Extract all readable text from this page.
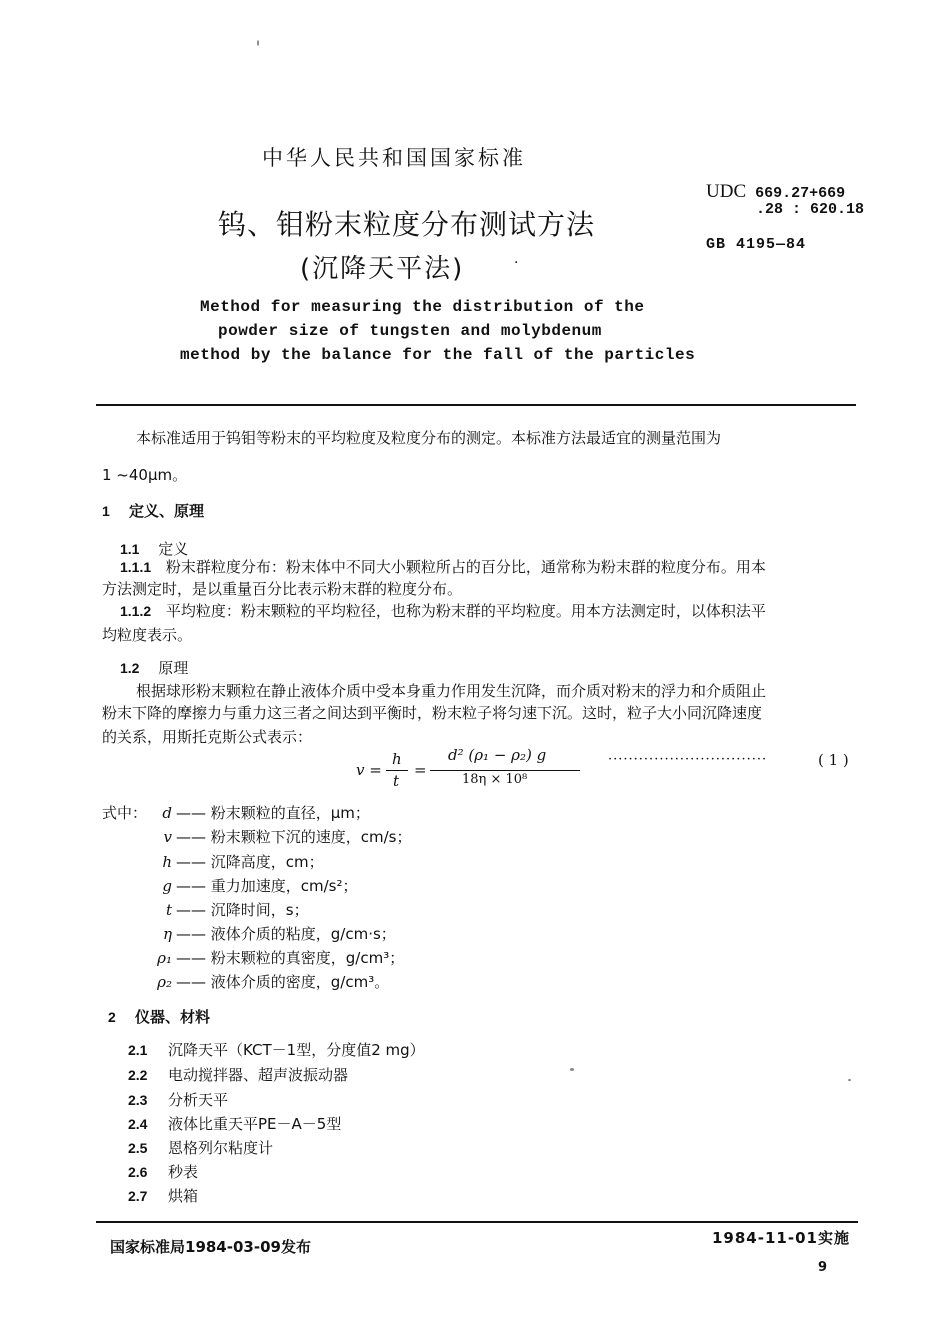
中华人民共和国国家标准
钨、钼粉末粒度分布测试方法
(沉降天平法)	·
UDC 669.27+669
.28 : 620.18
GB 4195—84
Method for measuring the distribution of the
powder size of tungsten and molybdenum
method by the balance for the fall of the particles
本标准适用于钨钼等粉末的平均粒度及粒度分布的测定。本标准方法最适宜的测量范围为
1 ~40μm。
1 定义、原理
1.1 定义
1.1.1 粉末群粒度分布：粉末体中不同大小颗粒所占的百分比，通常称为粉末群的粒度分布。用本
方法测定时，是以重量百分比表示粉末群的粒度分布。
1.1.2 平均粒度：粉末颗粒的平均粒径，也称为粉末群的平均粒度。用本方法测定时，以体积法平
均粒度表示。
1.2 原理
根据球形粉末颗粒在静止液体介质中受本身重力作用发生沉降，而介质对粉末的浮力和介质阻止
粉末下降的摩擦力与重力这三者之间达到平衡时，粉末粒子将匀速下沉。这时，粒子大小同沉降速度
的关系，用斯托克斯公式表示：
v =
h
t
=
d² (ρ₁ − ρ₂) g
18η × 10⁸
·······························	( 1 )
式中：	d —— 粉末颗粒的直径，μm；
v —— 粉末颗粒下沉的速度，cm/s；
h —— 沉降高度，cm；
g —— 重力加速度，cm/s²；
t —— 沉降时间，s；
η —— 液体介质的粘度，g/cm·s；
ρ₁ —— 粉末颗粒的真密度，g/cm³；
ρ₂ —— 液体介质的密度，g/cm³。
2 仪器、材料
2.1 沉降天平（KCT－1型，分度值2 mg）
2.2 电动搅拌器、超声波振动器
2.3 分析天平
2.4 液体比重天平PE－A－5型
2.5 恩格列尔粘度计
2.6 秒表
2.7 烘箱
国家标准局1984-03-09发布	1984-11-01实施
9
